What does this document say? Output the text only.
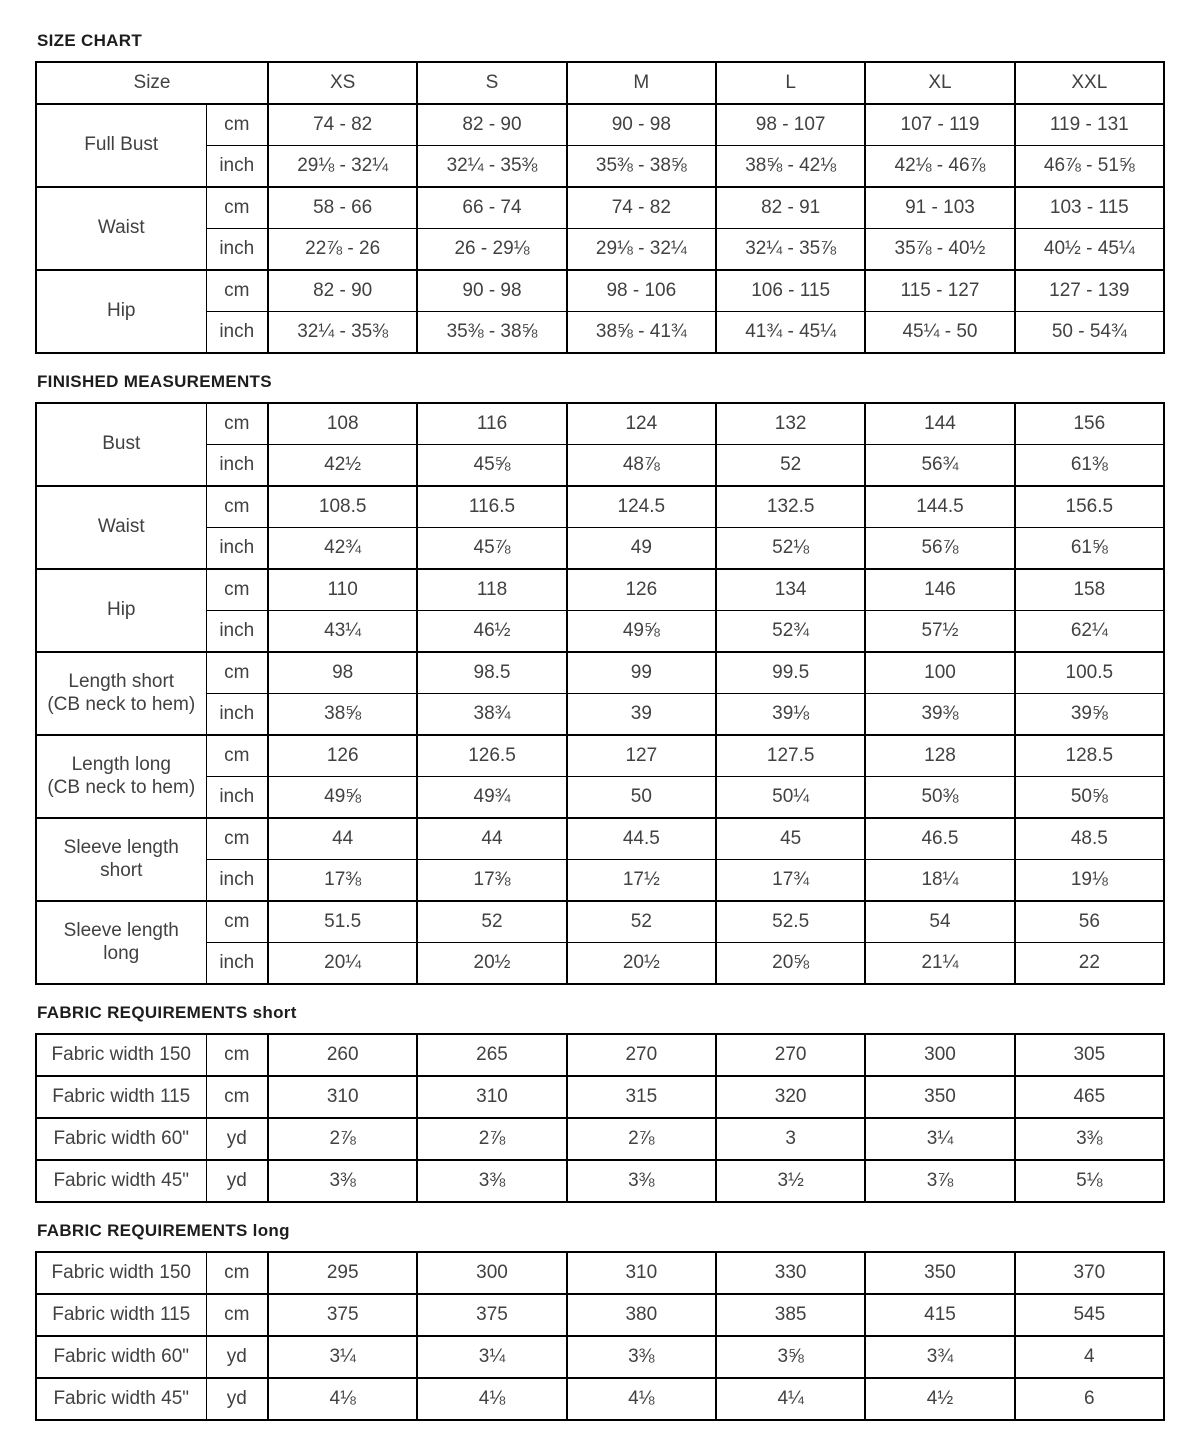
SIZE CHART
Size		XS	S	M	L	XL	XXL
Full Bust	cm	74 - 82	82 - 90	90 - 98	98 - 107	107 - 119	119 - 131
	inch	29⅛ - 32¼	32¼ - 35⅜	35⅜ - 38⅝	38⅝ - 42⅛	42⅛ - 46⅞	46⅞ - 51⅝
Waist	cm	58 - 66	66 - 74	74 - 82	82 - 91	91 - 103	103 - 115
	inch	22⅞ - 26	26 - 29⅛	29⅛ - 32¼	32¼ - 35⅞	35⅞ - 40½	40½ - 45¼
Hip	cm	82 - 90	90 - 98	98 - 106	106 - 115	115 - 127	127 - 139
	inch	32¼ - 35⅜	35⅜ - 38⅝	38⅝ - 41¾	41¾ - 45¼	45¼ - 50	50 - 54¾
FINISHED MEASUREMENTS
Bust	cm	108	116	124	132	144	156
	inch	42½	45⅝	48⅞	52	56¾	61⅜
Waist	cm	108.5	116.5	124.5	132.5	144.5	156.5
	inch	42¾	45⅞	49	52⅛	56⅞	61⅝
Hip	cm	110	118	126	134	146	158
	inch	43¼	46½	49⅝	52¾	57½	62¼
Length short
(CB neck to hem)	cm	98	98.5	99	99.5	100	100.5
	inch	38⅝	38¾	39	39⅛	39⅜	39⅝
Length long
(CB neck to hem)	cm	126	126.5	127	127.5	128	128.5
	inch	49⅝	49¾	50	50¼	50⅜	50⅝
Sleeve length
short	cm	44	44	44.5	45	46.5	48.5
	inch	17⅜	17⅜	17½	17¾	18¼	19⅛
Sleeve length
long	cm	51.5	52	52	52.5	54	56
	inch	20¼	20½	20½	20⅝	21¼	22
FABRIC REQUIREMENTS short
Fabric width 150	cm	260	265	270	270	300	305
Fabric width 115	cm	310	310	315	320	350	465
Fabric width 60"	yd	2⅞	2⅞	2⅞	3	3¼	3⅜
Fabric width 45"	yd	3⅜	3⅜	3⅜	3½	3⅞	5⅛
FABRIC REQUIREMENTS long
Fabric width 150	cm	295	300	310	330	350	370
Fabric width 115	cm	375	375	380	385	415	545
Fabric width 60"	yd	3¼	3¼	3⅜	3⅝	3¾	4
Fabric width 45"	yd	4⅛	4⅛	4⅛	4¼	4½	6
